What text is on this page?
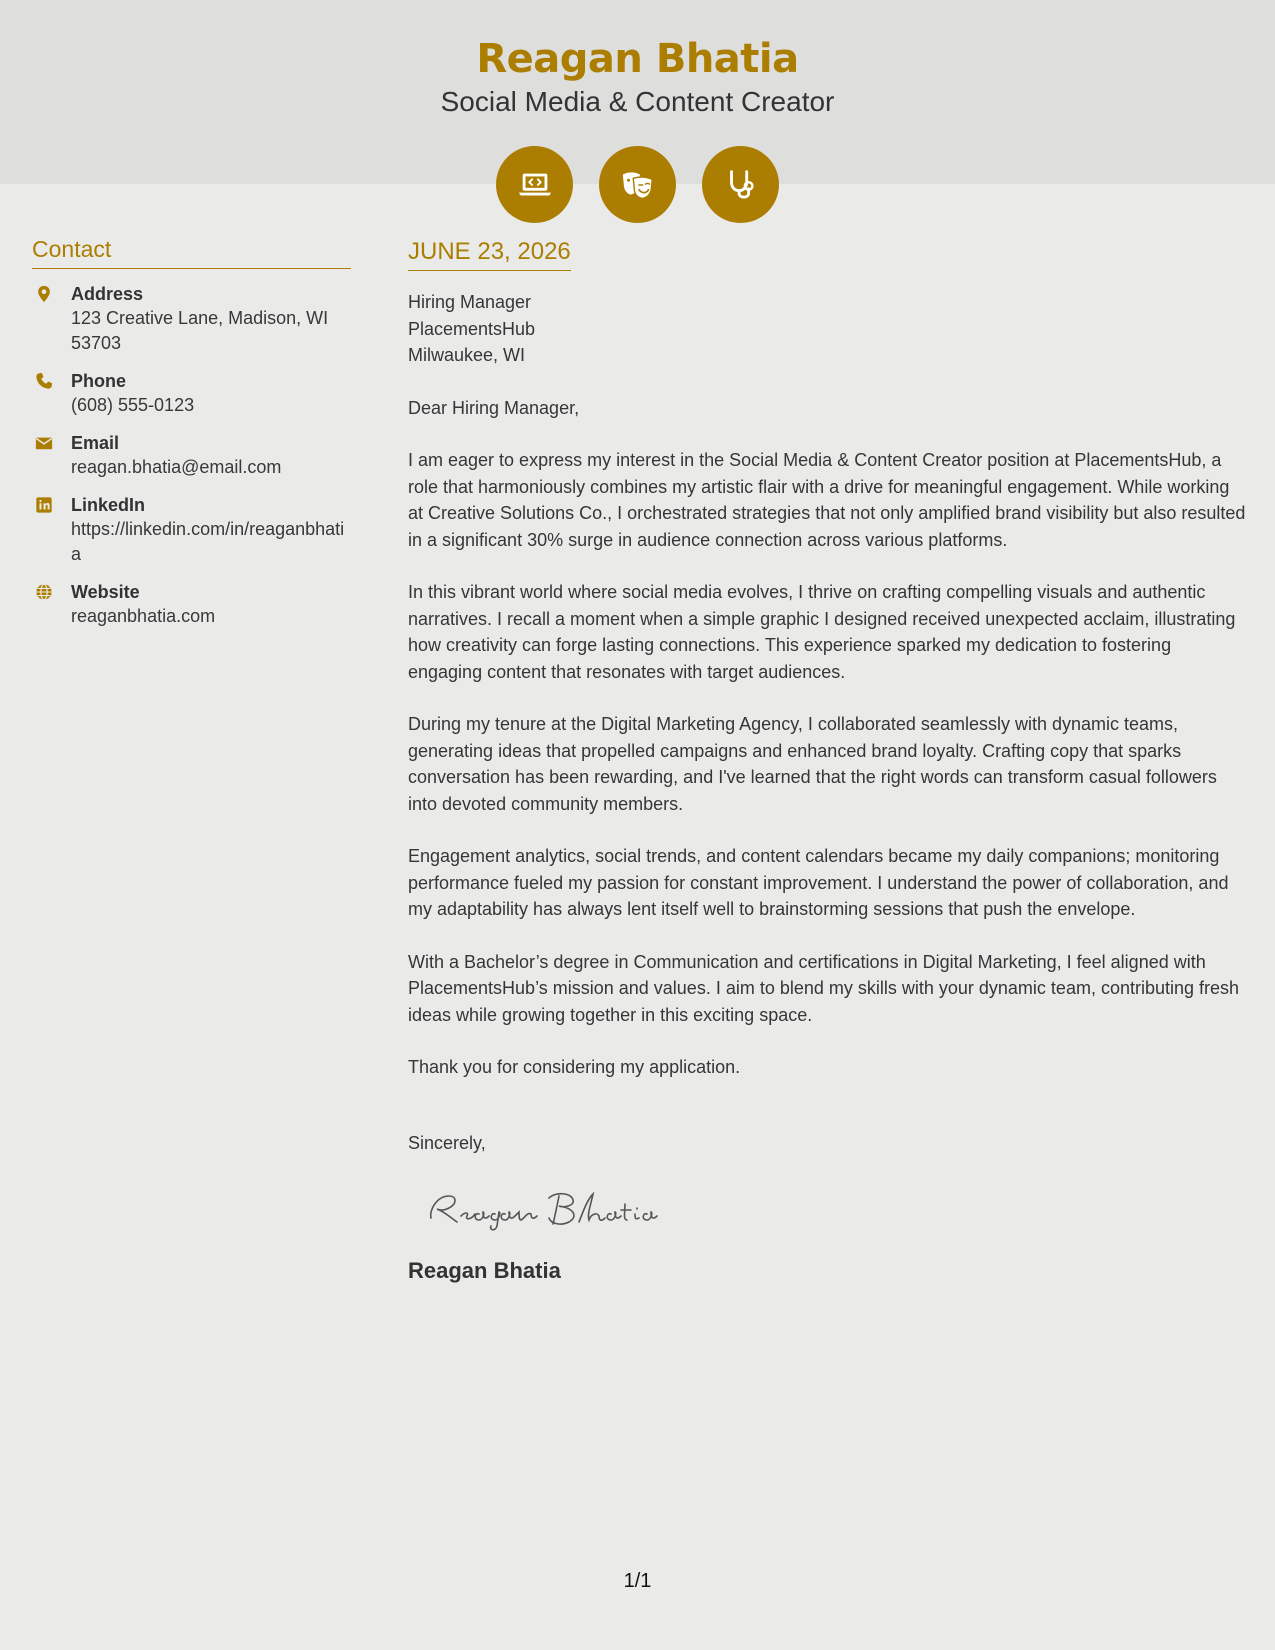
Reagan Bhatia
Social Media & Content Creator
Contact
Address
123 Creative Lane, Madison, WI 53703
Phone
(608) 555-0123
Email
reagan.bhatia@email.com
LinkedIn
https://linkedin.com/in/reaganbhatia
Website
reaganbhatia.com
JUNE 23, 2026
Hiring Manager
PlacementsHub
Milwaukee, WI
Dear Hiring Manager,
I am eager to express my interest in the Social Media & Content Creator position at PlacementsHub, a role that harmoniously combines my artistic flair with a drive for meaningful engagement. While working at Creative Solutions Co., I orchestrated strategies that not only amplified brand visibility but also resulted in a significant 30% surge in audience connection across various platforms.
In this vibrant world where social media evolves, I thrive on crafting compelling visuals and authentic narratives. I recall a moment when a simple graphic I designed received unexpected acclaim, illustrating how creativity can forge lasting connections. This experience sparked my dedication to fostering engaging content that resonates with target audiences.
During my tenure at the Digital Marketing Agency, I collaborated seamlessly with dynamic teams, generating ideas that propelled campaigns and enhanced brand loyalty. Crafting copy that sparks conversation has been rewarding, and I've learned that the right words can transform casual followers into devoted community members.
Engagement analytics, social trends, and content calendars became my daily companions; monitoring performance fueled my passion for constant improvement. I understand the power of collaboration, and my adaptability has always lent itself well to brainstorming sessions that push the envelope.
With a Bachelor’s degree in Communication and certifications in Digital Marketing, I feel aligned with PlacementsHub’s mission and values. I aim to blend my skills with your dynamic team, contributing fresh ideas while growing together in this exciting space.
Thank you for considering my application.
Sincerely,
Reagan Bhatia
1/1
